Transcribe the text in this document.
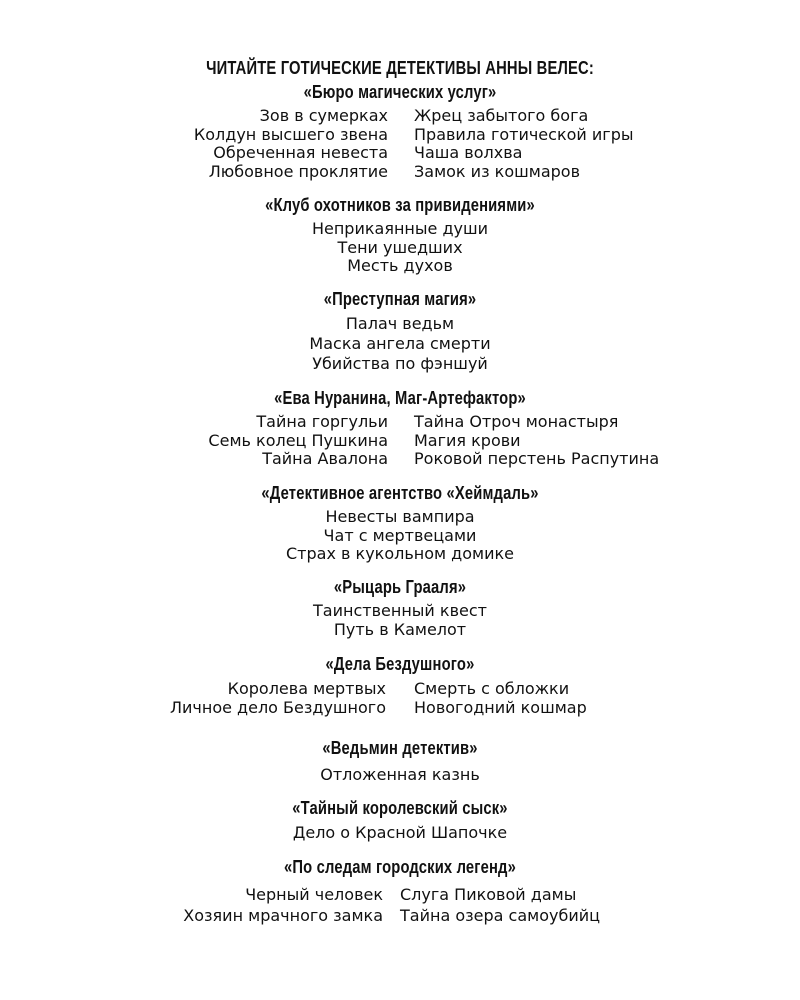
ЧИТАЙТЕ ГОТИЧЕСКИЕ ДЕТЕКТИВЫ АННЫ ВЕЛЕС:
«Бюро магических услуг»
Зов в сумерках
Колдун высшего звена
Обреченная невеста
Любовное проклятие
Жрец забытого бога
Правила готической игры
Чаша волхва
Замок из кошмаров
«Клуб охотников за привидениями»
Неприкаянные души
Тени ушедших
Месть духов
«Преступная магия»
Палач ведьм
Маска ангела смерти
Убийства по фэншуй
«Ева Нуранина, Маг-Артефактор»
Тайна горгульи
Семь колец Пушкина
Тайна Авалона
Тайна Отроч монастыря
Магия крови
Роковой перстень Распутина
«Детективное агентство «Хеймдаль»
Невесты вампира
Чат с мертвецами
Страх в кукольном домике
«Рыцарь Грааля»
Таинственный квест
Путь в Камелот
«Дела Бездушного»
Королева мертвых
Личное дело Бездушного
Смерть с обложки
Новогодний кошмар
«Ведьмин детектив»
Отложенная казнь
«Тайный королевский сыск»
Дело о Красной Шапочке
«По следам городских легенд»
Черный человек
Хозяин мрачного замка
Слуга Пиковой дамы
Тайна озера самоубийц
